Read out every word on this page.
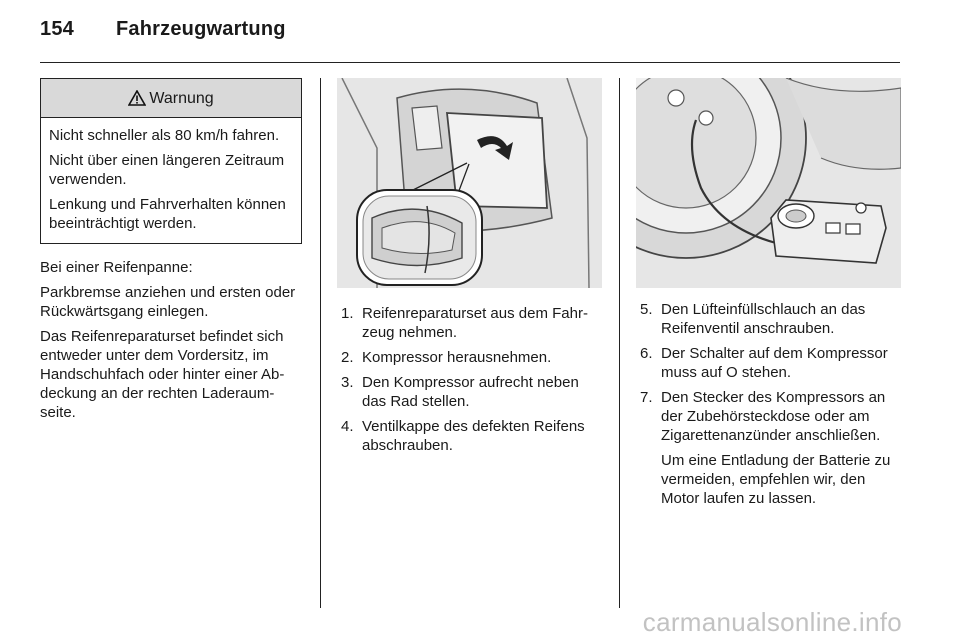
154 Fahrzeugwartung
Warnung

Nicht schneller als 80 km/h fahren.

Nicht über einen längeren Zeitraum verwenden.

Lenkung und Fahrverhalten können beeinträchtigt werden.

Bei einer Reifenpanne:

Parkbremse anziehen und ersten oder Rückwärtsgang einlegen.

Das Reifenreparaturset befindet sich entweder unter dem Vordersitz, im Handschuhfach oder hinter einer Abdeckung an der rechten Laderaumseite.

1. Reifenreparaturset aus dem Fahrzeug nehmen.
2. Kompressor herausnehmen.
3. Den Kompressor aufrecht neben das Rad stellen.
4. Ventilkappe des defekten Reifens abschrauben.
5. Den Lüfteinfüllschlauch an das Reifenventil anschrauben.
6. Der Schalter auf dem Kompressor muss auf O stehen.
7. Den Stecker des Kompressors an der Zubehörsteckdose oder am Zigarettenanzünder anschließen.
Um eine Entladung der Batterie zu vermeiden, empfehlen wir, den Motor laufen zu lassen.
carmanualsonline.info
